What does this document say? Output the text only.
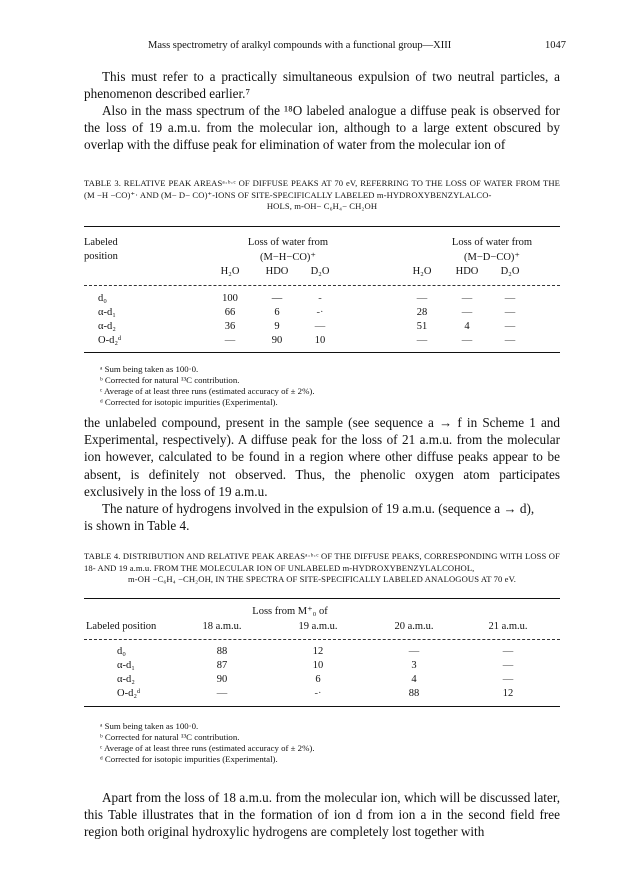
Mass spectrometry of aralkyl compounds with a functional group—XIII	1047

This must refer to a practically simultaneous expulsion of two neutral particles, a phenomenon described earlier.⁷

Also in the mass spectrum of the ¹⁸O labeled analogue a diffuse peak is observed for the loss of 19 a.m.u. from the molecular ion, although to a large extent obscured by overlap with the diffuse peak for elimination of water from the molecular ion of

TABLE 3. RELATIVE PEAK AREASᵃ·ᵇ·ᶜ OF DIFFUSE PEAKS AT 70 eV, REFERRING TO THE LOSS OF WATER FROM THE (M −H −CO)⁺· AND (M− D− CO)⁺-IONS OF SITE-SPECIFICALLY LABELED m-HYDROXYBENZYLALCO-
HOLS, m-OH− C₆H₄− CH₂OH

Labeled
position
Loss of water from
(M−H−CO)⁺
Loss of water from
(M−D−CO)⁺
H₂O HDO D₂O	H₂O HDO D₂O
d₀	100	—	-	—	—	—
α-d₁	66	6	-·	28	—	—
α-d₂	36	9	—	51	4	—
O-d₂ᵈ	—	90	10	—	—	—
ᵃ Sum being taken as 100·0.
ᵇ Corrected for natural ¹³C contribution.
ᶜ Average of at least three runs (estimated accuracy of ± 2%).
ᵈ Corrected for isotopic impurities (Experimental).

the unlabeled compound, present in the sample (see sequence a → f in Scheme 1 and Experimental, respectively). A diffuse peak for the loss of 21 a.m.u. from the molecular ion however, calculated to be found in a region where other diffuse peaks appear to be absent, is definitely not observed. Thus, the phenolic oxygen atom participates exclusively in the loss of 19 a.m.u.

The nature of hydrogens involved in the expulsion of 19 a.m.u. (sequence a → d),

is shown in Table 4.

TABLE 4. DISTRIBUTION AND RELATIVE PEAK AREASᵃ·ᵇ·ᶜ OF THE DIFFUSE PEAKS, CORRESPONDING WITH LOSS OF 18- AND 19 a.m.u. FROM THE MOLECULAR ION OF UNLABELED m-HYDROXYBENZYLALCOHOL,
m-OH −C₆H₄ −CH₂OH, IN THE SPECTRA OF SITE-SPECIFICALLY LABELED ANALOGOUS AT 70 eV.

Loss from M⁺₀ of
Labeled position	18 a.m.u.	19 a.m.u.	20 a.m.u.	21 a.m.u.
d₀	88	12	—	—
α-d₁	87	10	3	—
α-d₂	90	6	4	—
O-d₂ᵈ	—	-·	88	12
ᵃ Sum being taken as 100·0.
ᵇ Corrected for natural ¹³C contribution.
ᶜ Average of at least three runs (estimated accuracy of ± 2%).
ᵈ Corrected for isotopic impurities (Experimental).

Apart from the loss of 18 a.m.u. from the molecular ion, which will be discussed later, this Table illustrates that in the formation of ion d from ion a in the second field free region both original hydroxylic hydrogens are completely lost together with
